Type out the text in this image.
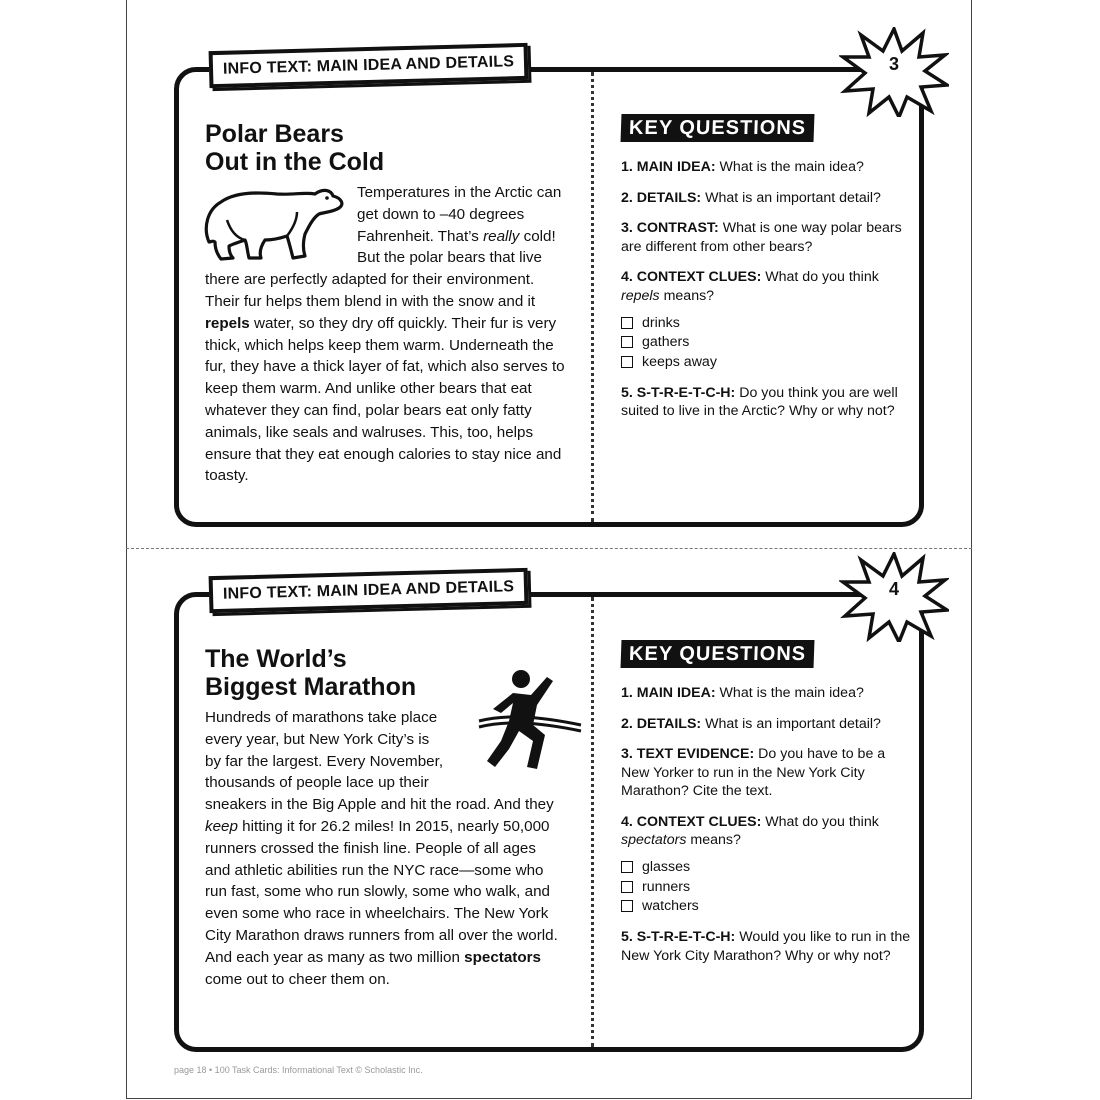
INFO TEXT: MAIN IDEA AND DETAILS	3
Polar Bears
Out in the Cold
Temperatures in the Arctic can get down to –40 degrees Fahrenheit. That’s really cold! But the polar bears that live there are perfectly adapted for their environment. Their fur helps them blend in with the snow and it repels water, so they dry off quickly. Their fur is very thick, which helps keep them warm. Underneath the fur, they have a thick layer of fat, which also serves to keep them warm. And unlike other bears that eat whatever they can find, polar bears eat only fatty animals, like seals and walruses. This, too, helps ensure that they eat enough calories to stay nice and toasty.
KEY QUESTIONS

1. MAIN IDEA: What is the main idea?

2. DETAILS: What is an important detail?

3. CONTRAST: What is one way polar bears are different from other bears?

4. CONTEXT CLUES: What do you think repels means?

drinks
gathers
keeps away

5. S-T-R-E-T-C-H: Do you think you are well suited to live in the Arctic? Why or why not?

INFO TEXT: MAIN IDEA AND DETAILS	4
The World’s
Biggest Marathon
Hundreds of marathons take place every year, but New York City’s is by far the largest. Every November, thousands of people lace up their sneakers in the Big Apple and hit the road. And they keep hitting it for 26.2 miles! In 2015, nearly 50,000 runners crossed the finish line. People of all ages and athletic abilities run the NYC race—some who run fast, some who run slowly, some who walk, and even some who race in wheelchairs. The New York City Marathon draws runners from all over the world. And each year as many as two million spectators come out to cheer them on.
KEY QUESTIONS

1. MAIN IDEA: What is the main idea?

2. DETAILS: What is an important detail?

3. TEXT EVIDENCE: Do you have to be a New Yorker to run in the New York City Marathon? Cite the text.

4. CONTEXT CLUES: What do you think spectators means?

glasses
runners
watchers

5. S-T-R-E-T-C-H: Would you like to run in the New York City Marathon? Why or why not?

page 18 • 100 Task Cards: Informational Text © Scholastic Inc.
